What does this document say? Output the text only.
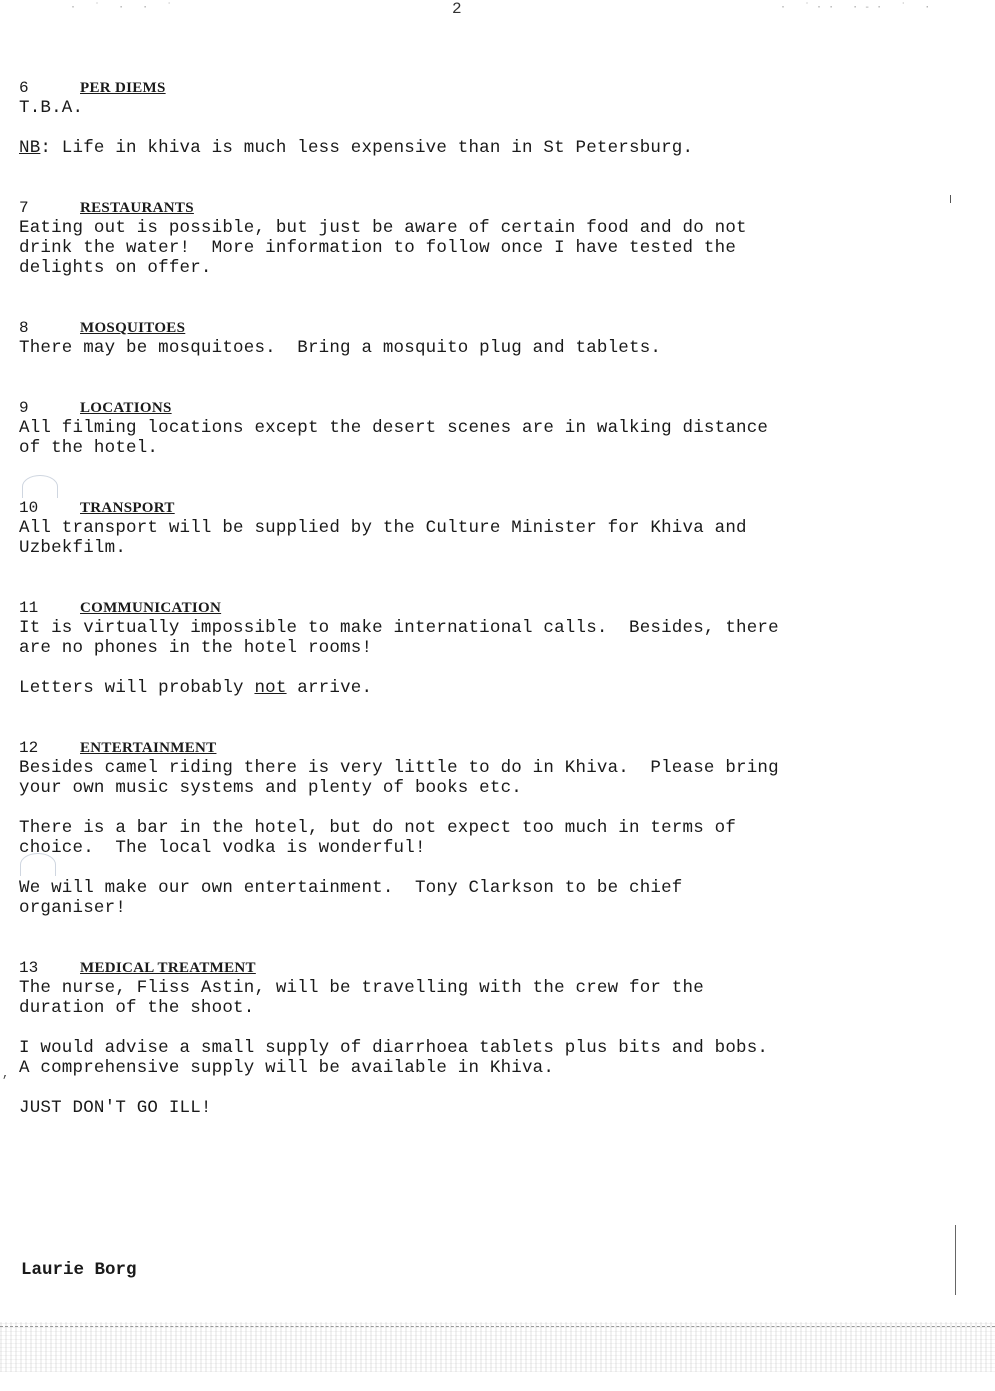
2
· ˙ · · ˙	· ˙·· ·-· ˙ ·
,
6	PER DIEMS
T.B.A.
NB: Life in khiva is much less expensive than in St Petersburg.
7	RESTAURANTS
Eating out is possible, but just be aware of certain food and do not
drink the water!  More information to follow once I have tested the
delights on offer.
8	MOSQUITOES
There may be mosquitoes.  Bring a mosquito plug and tablets.
9	LOCATIONS
All filming locations except the desert scenes are in walking distance
of the hotel.
10	TRANSPORT
All transport will be supplied by the Culture Minister for Khiva and
Uzbekfilm.
11	COMMUNICATION
It is virtually impossible to make international calls.  Besides, there
are no phones in the hotel rooms!
Letters will probably not arrive.
12	ENTERTAINMENT
Besides camel riding there is very little to do in Khiva.  Please bring
your own music systems and plenty of books etc.
There is a bar in the hotel, but do not expect too much in terms of
choice.  The local vodka is wonderful!
We will make our own entertainment.  Tony Clarkson to be chief
organiser!
13	MEDICAL TREATMENT
The nurse, Fliss Astin, will be travelling with the crew for the
duration of the shoot.
I would advise a small supply of diarrhoea tablets plus bits and bobs.
A comprehensive supply will be available in Khiva.
JUST DON'T GO ILL!
Laurie Borg
